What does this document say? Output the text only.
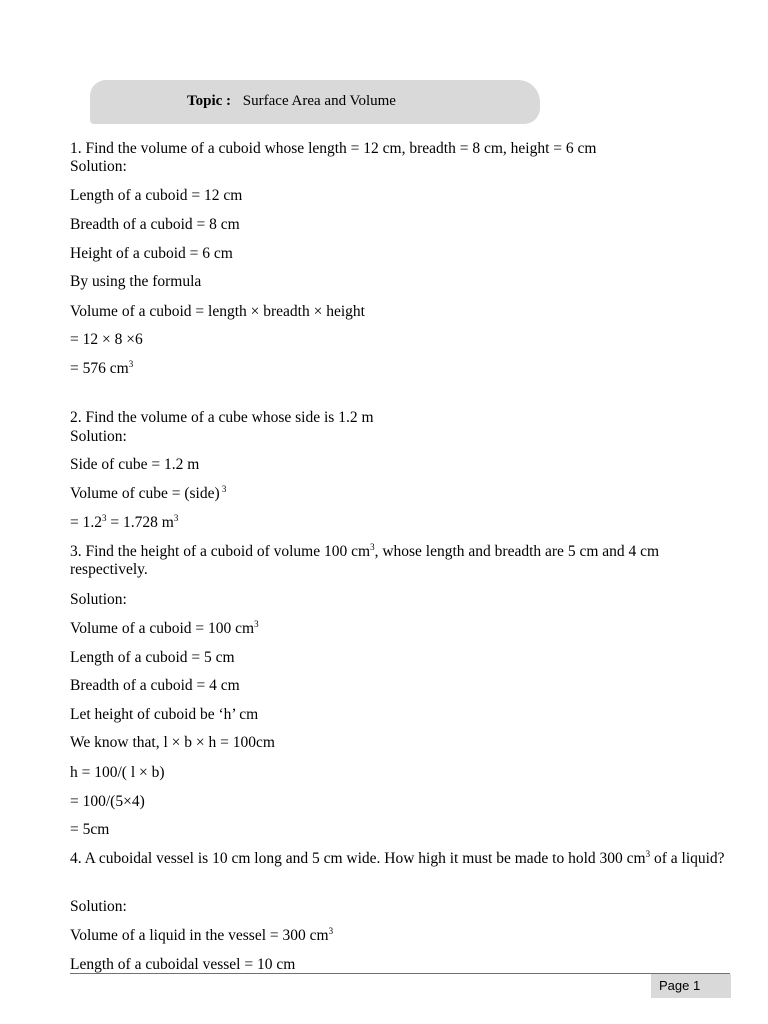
Topic : Surface Area and Volume
1. Find the volume of a cuboid whose length = 12 cm, breadth = 8 cm, height = 6 cm
Solution:
Length of a cuboid = 12 cm
Breadth of a cuboid = 8 cm
Height of a cuboid = 6 cm
By using the formula
Volume of a cuboid = length × breadth × height
= 12 × 8 ×6
= 576 $cm^3$
2. Find the volume of a cube whose side is 1.2 m
Solution:
Side of cube = 1.2 m
Volume of cube = (side) $^3$
= $1.2^3 = 1.728$ $m^3$
3. Find the height of a cuboid of volume 100 $cm^3$, whose length and breadth are 5 cm and 4 cm respectively.
Solution:
Volume of a cuboid = 100 $cm^3$
Length of a cuboid = 5 cm
Breadth of a cuboid = 4 cm
Let height of cuboid be ‘h’ cm
We know that, l × b × h = 100cm
h = 100/( l × b)
= 100/(5×4)
= 5cm
4. A cuboidal vessel is 10 cm long and 5 cm wide. How high it must be made to hold 300 $cm^3$ of a liquid?
Solution:
Volume of a liquid in the vessel = 300 $cm^3$
Length of a cuboidal vessel = 10 cm
Page 1
